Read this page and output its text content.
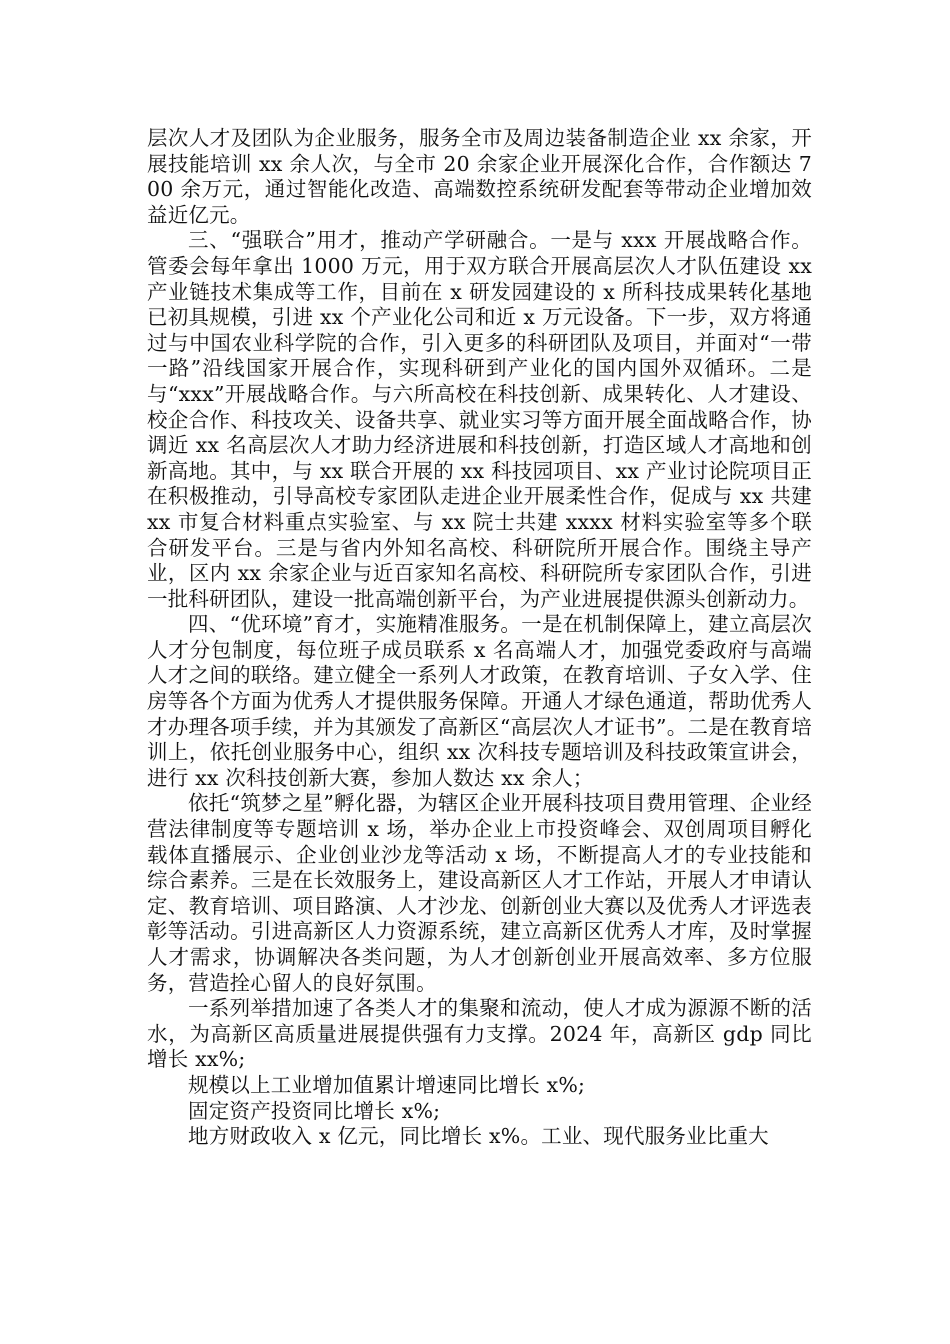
层次人才及团队为企业服务，服务全市及周边装备制造企业 xx 余家，开展技能培训 xx 余人次，与全市 20 余家企业开展深化合作，合作额达 700 余万元，通过智能化改造、高端数控系统研发配套等带动企业增加效益近亿元。

三、“强联合”用才，推动产学研融合。一是与 xxx 开展战略合作。管委会每年拿出 1000 万元，用于双方联合开展高层次人才队伍建设 xx 产业链技术集成等工作，目前在 x 研发园建设的 x 所科技成果转化基地已初具规模，引进 xx 个产业化公司和近 x 万元设备。下一步，双方将通过与中国农业科学院的合作，引入更多的科研团队及项目，并面对“一带一路”沿线国家开展合作，实现科研到产业化的国内国外双循环。二是与“xxx”开展战略合作。与六所高校在科技创新、成果转化、人才建设、校企合作、科技攻关、设备共享、就业实习等方面开展全面战略合作，协调近 xx 名高层次人才助力经济进展和科技创新，打造区域人才高地和创新高地。其中，与 xx 联合开展的 xx 科技园项目、xx 产业讨论院项目正在积极推动，引导高校专家团队走进企业开展柔性合作，促成与 xx 共建 xx 市复合材料重点实验室、与 xx 院士共建 xxxx 材料实验室等多个联合研发平台。三是与省内外知名高校、科研院所开展合作。围绕主导产业，区内 xx 余家企业与近百家知名高校、科研院所专家团队合作，引进一批科研团队，建设一批高端创新平台，为产业进展提供源头创新动力。

四、“优环境”育才，实施精准服务。一是在机制保障上，建立高层次人才分包制度，每位班子成员联系 x 名高端人才，加强党委政府与高端人才之间的联络。建立健全一系列人才政策，在教育培训、子女入学、住房等各个方面为优秀人才提供服务保障。开通人才绿色通道，帮助优秀人才办理各项手续，并为其颁发了高新区“高层次人才证书”。二是在教育培训上，依托创业服务中心，组织 xx 次科技专题培训及科技政策宣讲会，进行 xx 次科技创新大赛，参加人数达 xx 余人；

依托“筑梦之星”孵化器，为辖区企业开展科技项目费用管理、企业经营法律制度等专题培训 x 场，举办企业上市投资峰会、双创周项目孵化载体直播展示、企业创业沙龙等活动 x 场，不断提高人才的专业技能和综合素养。三是在长效服务上，建设高新区人才工作站，开展人才申请认定、教育培训、项目路演、人才沙龙、创新创业大赛以及优秀人才评选表彰等活动。引进高新区人力资源系统，建立高新区优秀人才库，及时掌握人才需求，协调解决各类问题，为人才创新创业开展高效率、多方位服务，营造拴心留人的良好氛围。

一系列举措加速了各类人才的集聚和流动，使人才成为源源不断的活水，为高新区高质量进展提供强有力支撑。2024 年，高新区 gdp 同比增长 xx%;

规模以上工业增加值累计增速同比增长 x%;

固定资产投资同比增长 x%;

地方财政收入 x 亿元，同比增长 x%。工业、现代服务业比重大
